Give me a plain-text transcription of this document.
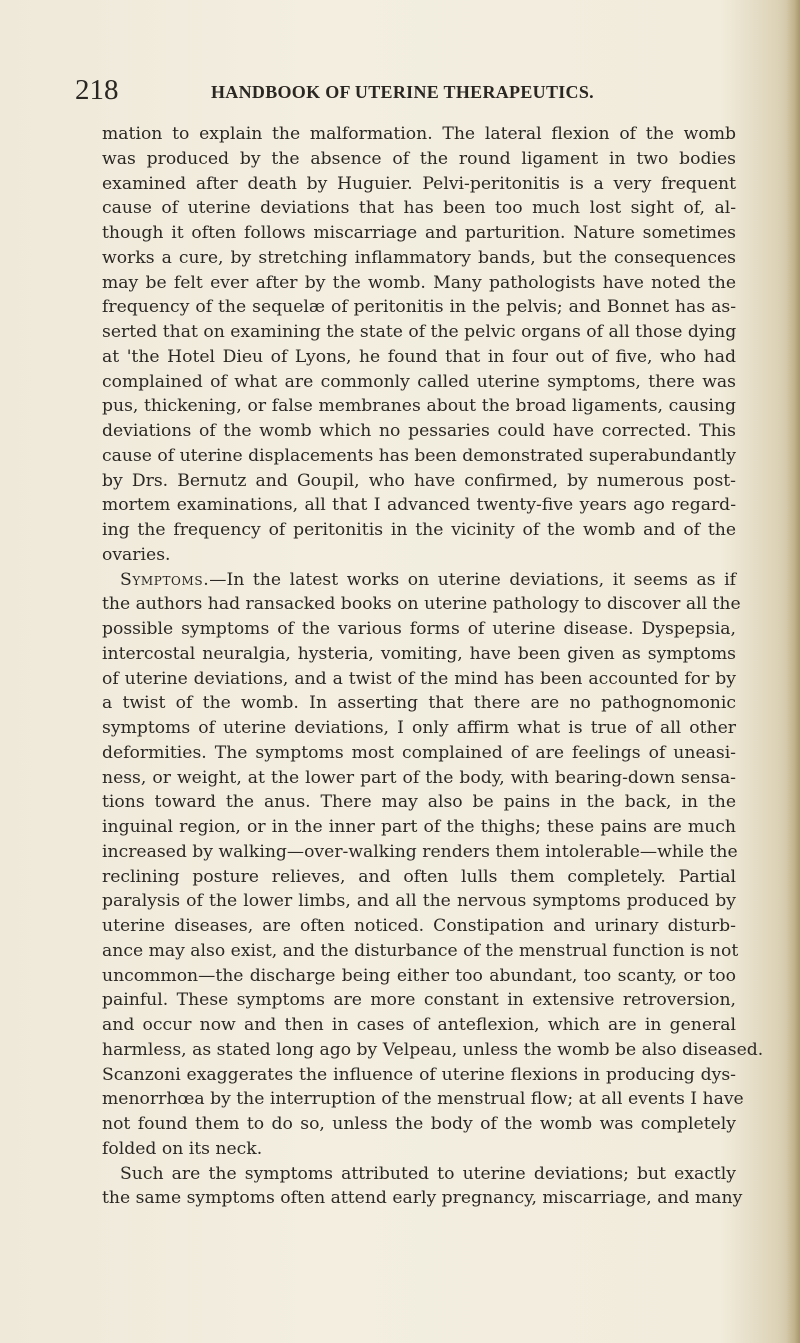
218	HANDBOOK OF UTERINE THERAPEUTICS.
mation to explain the malformation. The lateral flexion of the womb
was produced by the absence of the round ligament in two bodies
examined after death by Huguier. Pelvi-peritonitis is a very frequent
cause of uterine deviations that has been too much lost sight of, al-
though it often follows miscarriage and parturition. Nature sometimes
works a cure, by stretching inflammatory bands, but the consequences
may be felt ever after by the womb. Many pathologists have noted the
frequency of the sequelæ of peritonitis in the pelvis; and Bonnet has as-
serted that on examining the state of the pelvic organs of all those dying
at 'the Hotel Dieu of Lyons, he found that in four out of five, who had
complained of what are commonly called uterine symptoms, there was
pus, thickening, or false membranes about the broad ligaments, causing
deviations of the womb which no pessaries could have corrected. This
cause of uterine displacements has been demonstrated superabundantly
by Drs. Bernutz and Goupil, who have confirmed, by numerous post-
mortem examinations, all that I advanced twenty-five years ago regard-
ing the frequency of peritonitis in the vicinity of the womb and of the
ovaries.
Symptoms.—In the latest works on uterine deviations, it seems as if
the authors had ransacked books on uterine pathology to discover all the
possible symptoms of the various forms of uterine disease. Dyspepsia,
intercostal neuralgia, hysteria, vomiting, have been given as symptoms
of uterine deviations, and a twist of the mind has been accounted for by
a twist of the womb. In asserting that there are no pathognomonic
symptoms of uterine deviations, I only affirm what is true of all other
deformities. The symptoms most complained of are feelings of uneasi-
ness, or weight, at the lower part of the body, with bearing-down sensa-
tions toward the anus. There may also be pains in the back, in the
inguinal region, or in the inner part of the thighs; these pains are much
increased by walking—over-walking renders them intolerable—while the
reclining posture relieves, and often lulls them completely. Partial
paralysis of the lower limbs, and all the nervous symptoms produced by
uterine diseases, are often noticed. Constipation and urinary disturb-
ance may also exist, and the disturbance of the menstrual function is not
uncommon—the discharge being either too abundant, too scanty, or too
painful. These symptoms are more constant in extensive retroversion,
and occur now and then in cases of anteflexion, which are in general
harmless, as stated long ago by Velpeau, unless the womb be also diseased.
Scanzoni exaggerates the influence of uterine flexions in producing dys-
menorrhœa by the interruption of the menstrual flow; at all events I have
not found them to do so, unless the body of the womb was completely
folded on its neck.
Such are the symptoms attributed to uterine deviations; but exactly
the same symptoms often attend early pregnancy, miscarriage, and many
